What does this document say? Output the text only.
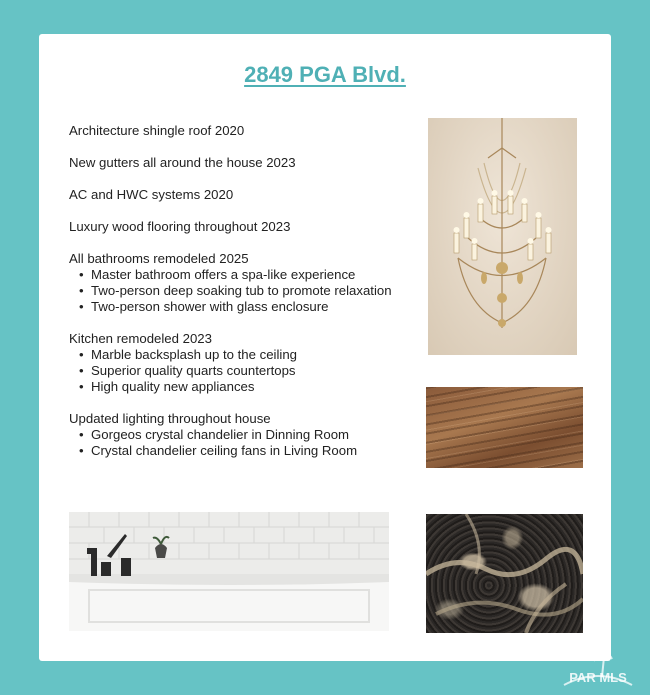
2849 PGA Blvd.
Architecture shingle roof 2020
New gutters all around the house 2023
AC and HWC systems 2020
Luxury wood flooring throughout 2023
All bathrooms remodeled 2025
• Master bathroom offers a spa-like experience
• Two-person deep soaking tub to promote relaxation
• Two-person shower with glass enclosure
Kitchen remodeled 2023
• Marble backsplash up to the ceiling
• Superior quality quarts countertops
• High quality new appliances
Updated lighting throughout house
• Gorgeos crystal chandelier in Dinning Room
• Crystal chandelier ceiling fans in Living Room
PAR MLS
